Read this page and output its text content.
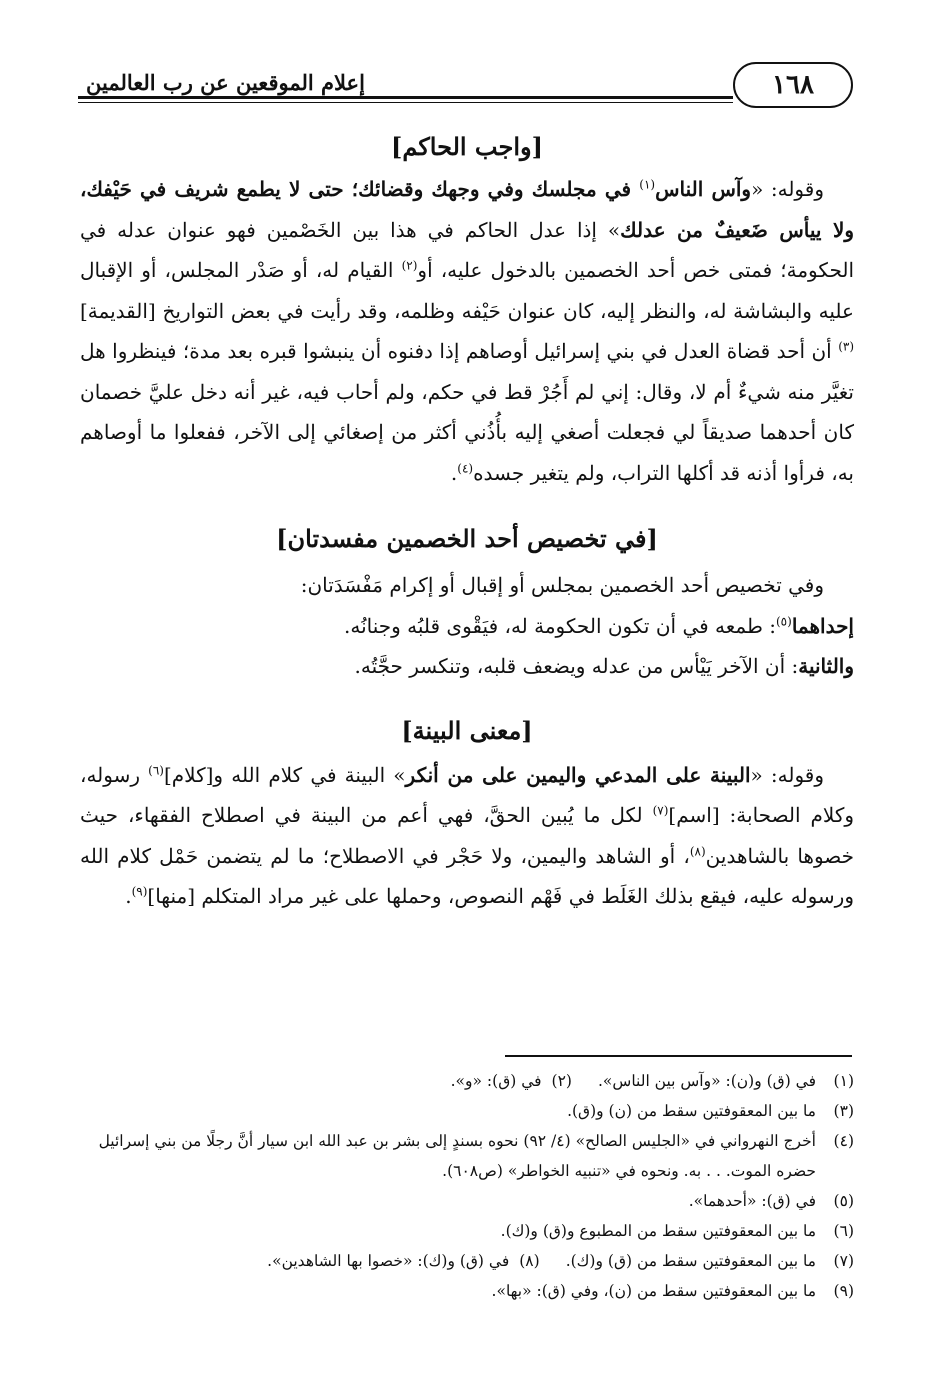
إعلام الموقعين عن رب العالمين	١٦٨
[واجب الحاكم]

وقوله: «وآس الناس$^{(١)}$ في مجلسك وفي وجهك وقضائك؛ حتى لا يطمع شريف في حَيْفك، ولا ييأس ضَعيفٌ من عدلك» إذا عدل الحاكم في هذا بين الخَصْمين فهو عنوان عدله في الحكومة؛ فمتى خص أحد الخصمين بالدخول عليه، أو$^{(٢)}$ القيام له، أو صَدْر المجلس، أو الإقبال عليه والبشاشة له، والنظر إليه، كان عنوان حَيْفه وظلمه، وقد رأيت في بعض التواريخ [القديمة]$^{(٣)}$ أن أحد قضاة العدل في بني إسرائيل أوصاهم إذا دفنوه أن ينبشوا قبره بعد مدة؛ فينظروا هل تغيَّر منه شيءٌ أم لا، وقال: إني لم أَجُرْ قط في حكم، ولم أحاب فيه، غير أنه دخل عليَّ خصمان كان أحدهما صديقاً لي فجعلت أصغي إليه بأُذُني أكثر من إصغائي إلى الآخر، ففعلوا ما أوصاهم به، فرأوا أذنه قد أكلها التراب، ولم يتغير جسده$^{(٤)}$.

[في تخصيص أحد الخصمين مفسدتان]

وفي تخصيص أحد الخصمين بمجلس أو إقبال أو إكرام مَفْسَدَتان:

إحداهما$^{(٥)}$: طمعه في أن تكون الحكومة له، فيَقْوى قلبُه وجنانُه.

والثانية: أن الآخر يَيْأس من عدله ويضعف قلبه، وتنكسر حجَّتُه.

[معنى البينة]

وقوله: «البينة على المدعي واليمين على من أنكر» البينة في كلام الله و[كلام]$^{(٦)}$ رسوله، وكلام الصحابة: [اسم]$^{(٧)}$ لكل ما يُبين الحقَّ، فهي أعم من البينة في اصطلاح الفقهاء، حيث خصوها بالشاهدين$^{(٨)}$، أو الشاهد واليمين، ولا حَجْر في الاصطلاح؛ ما لم يتضمن حَمْل كلام الله ورسوله عليه، فيقع بذلك الغَلَط في فَهْم النصوص، وحملها على غير مراد المتكلم [منها]$^{(٩)}$.

(١)
في (ق) و(ن): «وآس بين الناس».(٢)في (ق): «و».
(٣)
ما بين المعقوفتين سقط من (ن) و(ق).
(٤)
أخرج النهرواني في «الجليس الصالح» (٤/ ٩٢) نحوه بسندٍ إلى بشر بن عبد الله ابن سيار أنَّ رجلًا من بني إسرائيل حضره الموت. . . به. ونحوه في «تنبيه الخواطر» (ص٦٠٨).
(٥)
في (ق): «أحدهما».
(٦)
ما بين المعقوفتين سقط من المطبوع و(ق) و(ك).
(٧)
ما بين المعقوفتين سقط من (ق) و(ك).(٨)في (ق) و(ك): «خصوا بها الشاهدين».
(٩)
ما بين المعقوفتين سقط من (ن)، وفي (ق): «بها».
